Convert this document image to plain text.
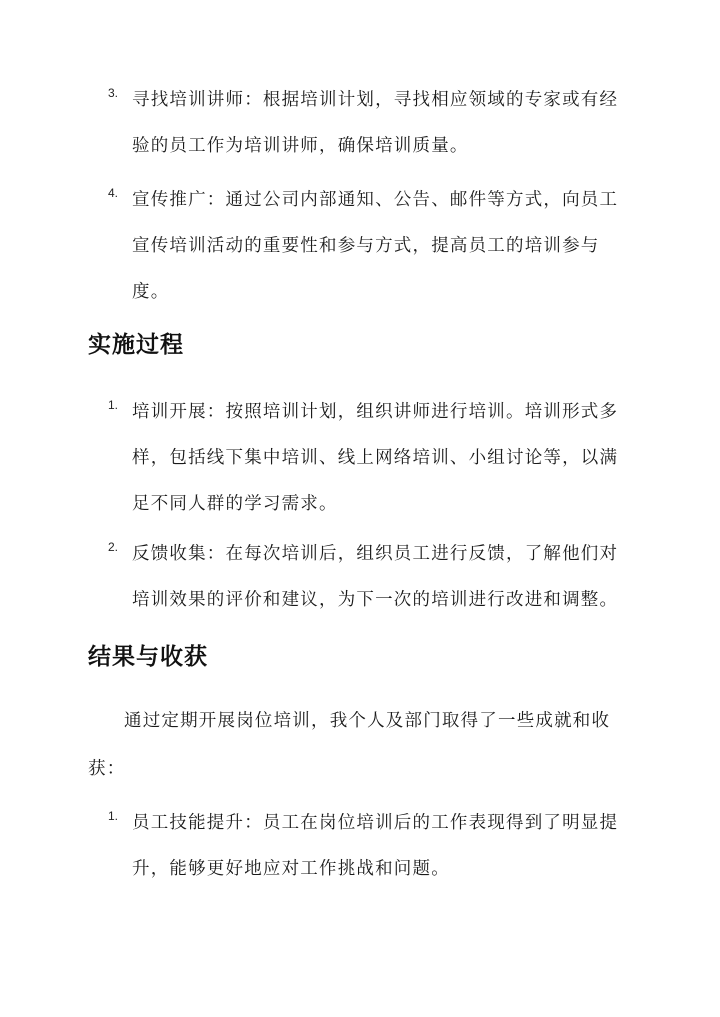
3. 寻找培训讲师：根据培训计划，寻找相应领域的专家或有经验的员工作为培训讲师，确保培训质量。
4. 宣传推广：通过公司内部通知、公告、邮件等方式，向员工宣传培训活动的重要性和参与方式，提高员工的培训参与度。
实施过程
1. 培训开展：按照培训计划，组织讲师进行培训。培训形式多样，包括线下集中培训、线上网络培训、小组讨论等，以满足不同人群的学习需求。
2. 反馈收集：在每次培训后，组织员工进行反馈，了解他们对培训效果的评价和建议，为下一次的培训进行改进和调整。
结果与收获
通过定期开展岗位培训，我个人及部门取得了一些成就和收获：
1. 员工技能提升：员工在岗位培训后的工作表现得到了明显提升，能够更好地应对工作挑战和问题。
